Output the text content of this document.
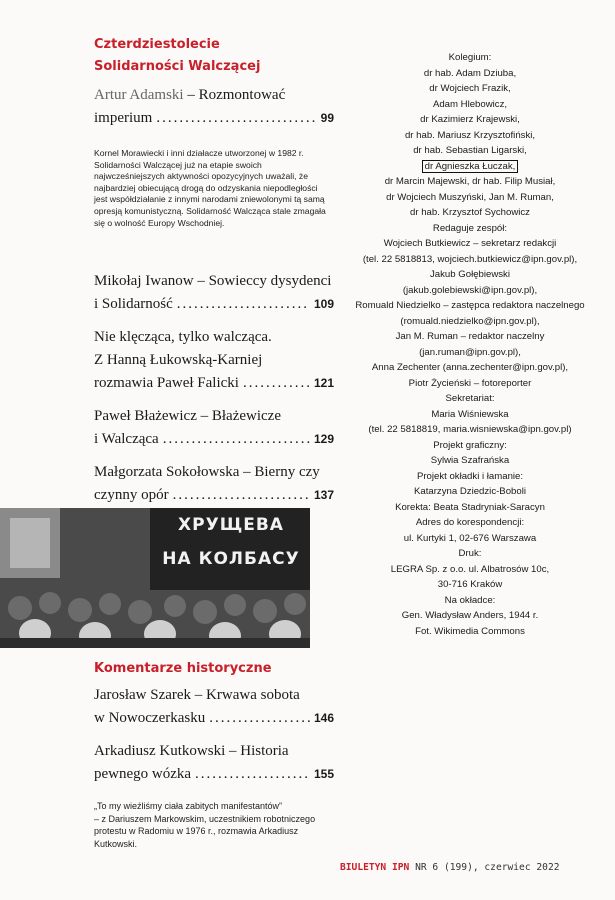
Czterdziestolecie
Solidarności Walczącej
Artur Adamski – Rozmontować
imperium .....	99
Kornel Morawiecki i inni działacze utworzonej w 1982 r. Solidarności Walczącej już na etapie swoich najwcześniejszych aktywności opozycyjnych uważali, że najbardziej obiecującą drogą do odzyskania niepodległości jest współdziałanie z innymi narodami zniewolonymi tą samą opresją komunistyczną. Solidarność Walcząca stale zmagała się o wolność Europy Wschodniej.
Mikołaj Iwanow – Sowieccy dysydenci
i Solidarność .....	109
Nie klęcząca, tylko walcząca.
Z Hanną Łukowską-Karniej
rozmawia Paweł Falicki .....	121
Paweł Błażewicz – Błażewicze
i Walcząca .....	129
Małgorzata Sokołowska – Bierny czy
czynny opór .....	137
ХРУЩЕВА
НА КОЛБАСУ
Komentarze historyczne
Jarosław Szarek – Krwawa sobota
w Nowoczerkasku .....	146
Arkadiusz Kutkowski – Historia
pewnego wózka .....	155
„To my wieźliśmy ciała zabitych manifestantów”
– z Dariuszem Markowskim, uczestnikiem robotniczego
protestu w Radomiu w 1976 r., rozmawia Arkadiusz Kutkowski.

Kolegium:

dr hab. Adam Dziuba,

dr Wojciech Frazik,

Adam Hlebowicz,

dr Kazimierz Krajewski,

dr hab. Mariusz Krzysztofiński,

dr hab. Sebastian Ligarski,

dr Agnieszka Łuczak,

dr Marcin Majewski, dr hab. Filip Musiał,

dr Wojciech Muszyński, Jan M. Ruman,

dr hab. Krzysztof Sychowicz

Redaguje zespół:

Wojciech Butkiewicz – sekretarz redakcji

(tel. 22 5818813, wojciech.butkiewicz@ipn.gov.pl),

Jakub Gołębiewski

(jakub.golebiewski@ipn.gov.pl),

Romuald Niedzielko – zastępca redaktora naczelnego

(romuald.niedzielko@ipn.gov.pl),

Jan M. Ruman – redaktor naczelny

(jan.ruman@ipn.gov.pl),

Anna Zechenter (anna.zechenter@ipn.gov.pl),

Piotr Życieński – fotoreporter

Sekretariat:

Maria Wiśniewska

(tel. 22 5818819, maria.wisniewska@ipn.gov.pl)

Projekt graficzny:

Sylwia Szafrańska

Projekt okładki i łamanie:

Katarzyna Dziedzic-Boboli

Korekta: Beata Stadryniak-Saracyn

Adres do korespondencji:

ul. Kurtyki 1, 02-676 Warszawa

Druk:

LEGRA Sp. z o.o. ul. Albatrosów 10c,

30-716 Kraków

Na okładce:

Gen. Władysław Anders, 1944 r.

Fot. Wikimedia Commons

BIULETYN IPN NR 6 (199), czerwiec 2022
